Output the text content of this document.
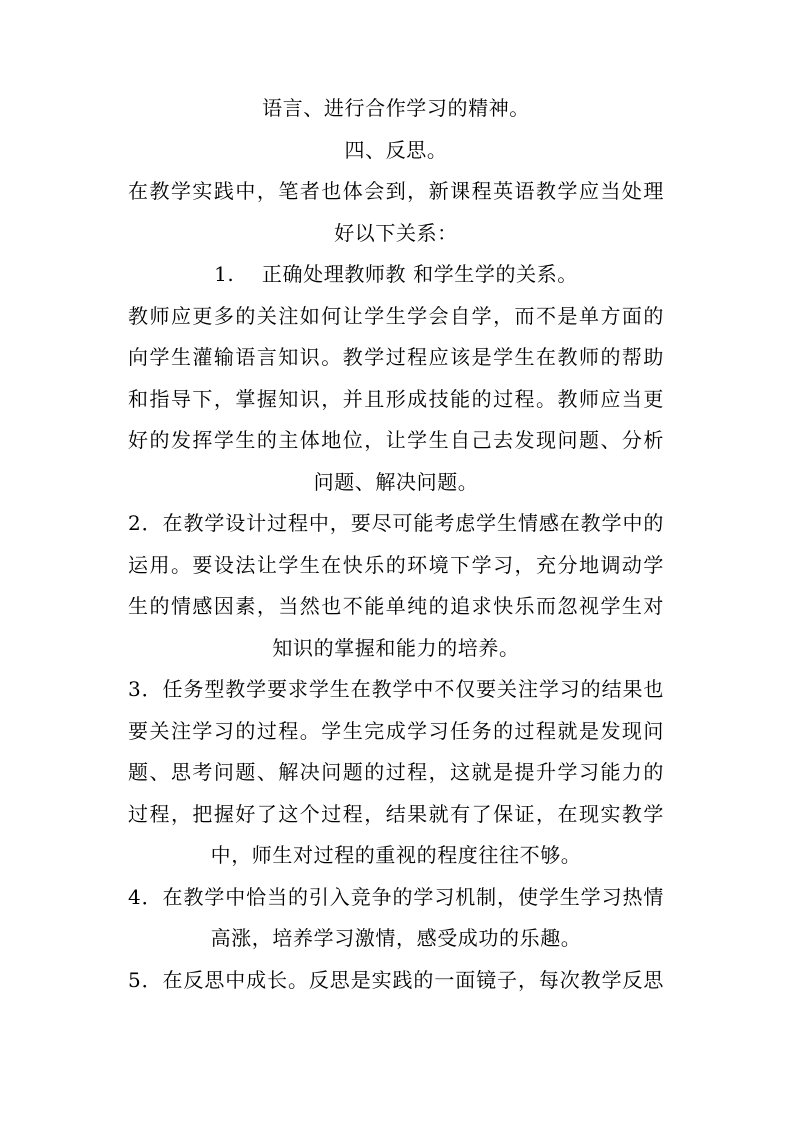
语言、进行合作学习的精神。
四、反思。
在教学实践中，笔者也体会到，新课程英语教学应当处理
好以下关系：
1.　 正确处理教师教 和学生学的关系。
教师应更多的关注如何让学生学会自学，而不是单方面的
向学生灌输语言知识。教学过程应该是学生在教师的帮助
和指导下，掌握知识，并且形成技能的过程。教师应当更
好的发挥学生的主体地位，让学生自己去发现问题、分析
问题、解决问题。
2．在教学设计过程中，要尽可能考虑学生情感在教学中的
运用。要设法让学生在快乐的环境下学习，充分地调动学
生的情感因素，当然也不能单纯的追求快乐而忽视学生对
知识的掌握和能力的培养。
3．任务型教学要求学生在教学中不仅要关注学习的结果也
要关注学习的过程。学生完成学习任务的过程就是发现问
题、思考问题、解决问题的过程，这就是提升学习能力的
过程，把握好了这个过程，结果就有了保证，在现实教学
中，师生对过程的重视的程度往往不够。
4．在教学中恰当的引入竞争的学习机制，使学生学习热情
高涨，培养学习激情，感受成功的乐趣。
5．在反思中成长。反思是实践的一面镜子，每次教学反思
